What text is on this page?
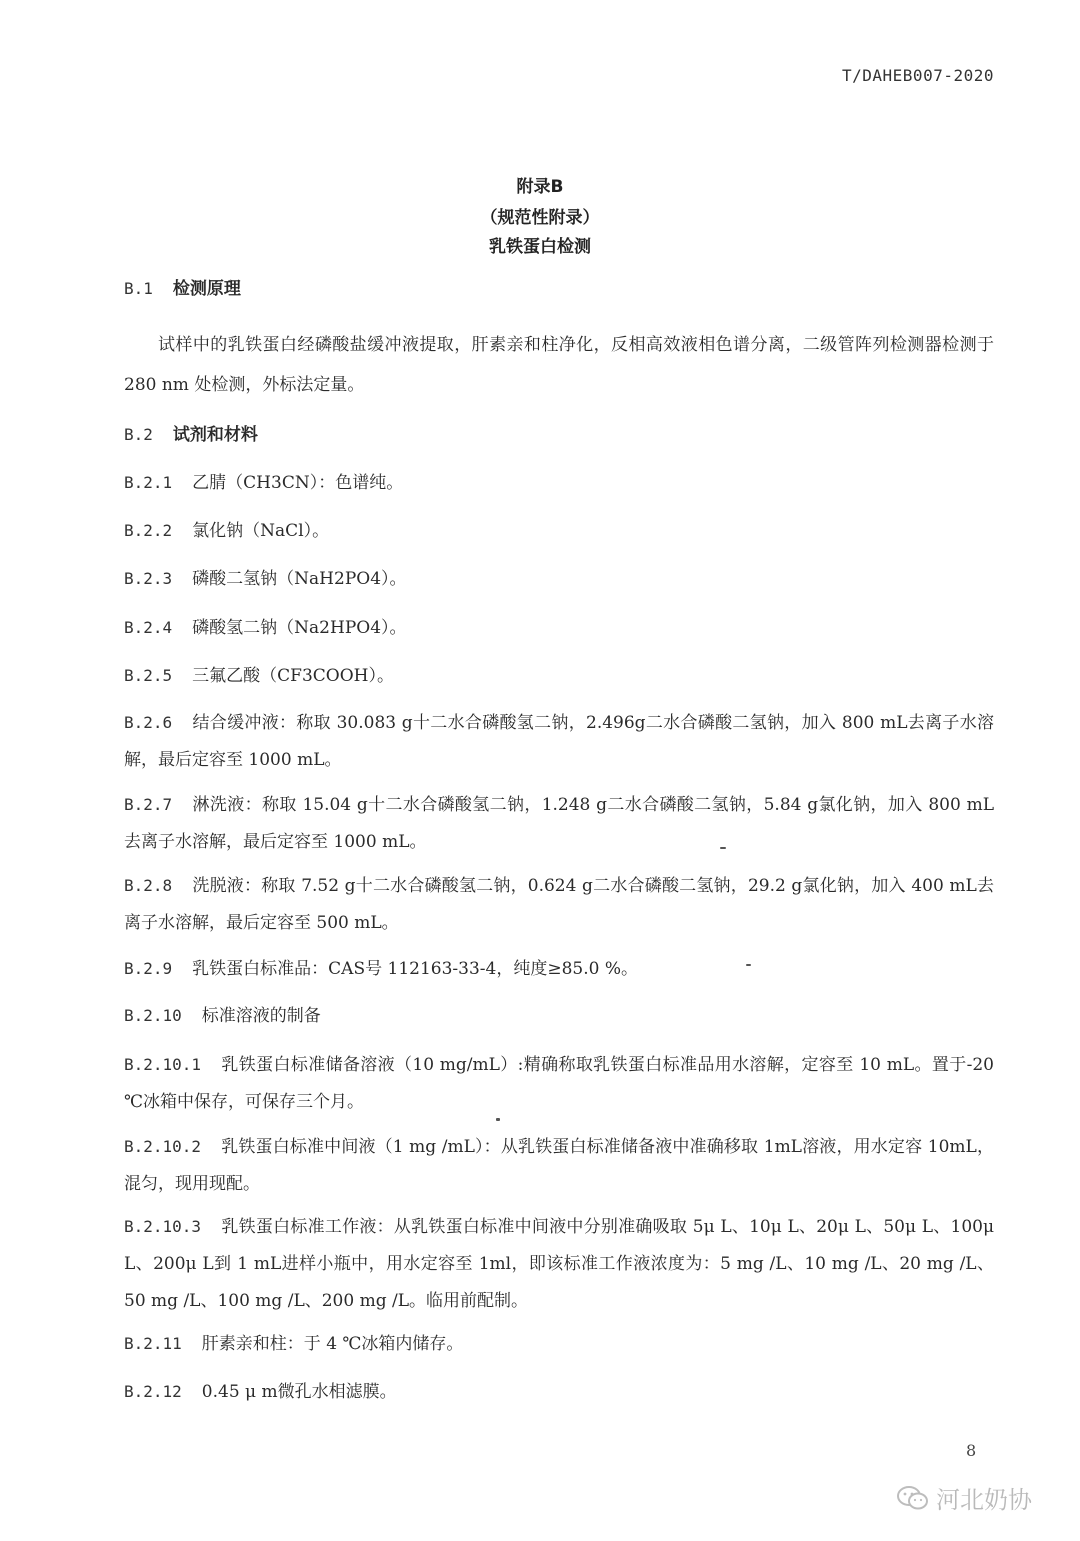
T/DAHEB007-2020
附录B
（规范性附录）
乳铁蛋白检测
B.1 检测原理
试样中的乳铁蛋白经磷酸盐缓冲液提取，肝素亲和柱净化，反相高效液相色谱分离，二级管阵列检测器检测于 280 nm 处检测，外标法定量。
B.2 试剂和材料
B.2.1 乙腈（CH3CN）：色谱纯。
B.2.2 氯化钠（NaCl）。
B.2.3 磷酸二氢钠（NaH2PO4）。
B.2.4 磷酸氢二钠（Na2HPO4）。
B.2.5 三氟乙酸（CF3COOH）。
B.2.6 结合缓冲液：称取 30.083 g十二水合磷酸氢二钠，2.496g二水合磷酸二氢钠，加入 800 mL去离子水溶解，最后定容至 1000 mL。
B.2.7 淋洗液：称取 15.04 g十二水合磷酸氢二钠，1.248 g二水合磷酸二氢钠，5.84 g氯化钠，加入 800 mL去离子水溶解，最后定容至 1000 mL。
B.2.8 洗脱液：称取 7.52 g十二水合磷酸氢二钠，0.624 g二水合磷酸二氢钠，29.2 g氯化钠，加入 400 mL去离子水溶解，最后定容至 500 mL。
B.2.9 乳铁蛋白标准品：CAS号 112163-33-4，纯度≥85.0 %。
B.2.10 标准溶液的制备
B.2.10.1 乳铁蛋白标准储备溶液（10 mg/mL）:精确称取乳铁蛋白标准品用水溶解，定容至 10 mL。置于-20 ℃冰箱中保存，可保存三个月。
B.2.10.2 乳铁蛋白标准中间液（1 mg /mL）：从乳铁蛋白标准储备液中准确移取 1mL溶液，用水定容 10mL，混匀，现用现配。
B.2.10.3 乳铁蛋白标准工作液：从乳铁蛋白标准中间液中分别准确吸取 5μ L、10μ L、20μ L、50μ L、100μ L、200μ L到 1 mL进样小瓶中，用水定容至 1ml，即该标准工作液浓度为：5 mg /L、10 mg /L、20 mg /L、50 mg /L、100 mg /L、200 mg /L。临用前配制。
B.2.11 肝素亲和柱：于 4 ℃冰箱内储存。
B.2.12 0.45 μ m微孔水相滤膜。
8
河北奶协
